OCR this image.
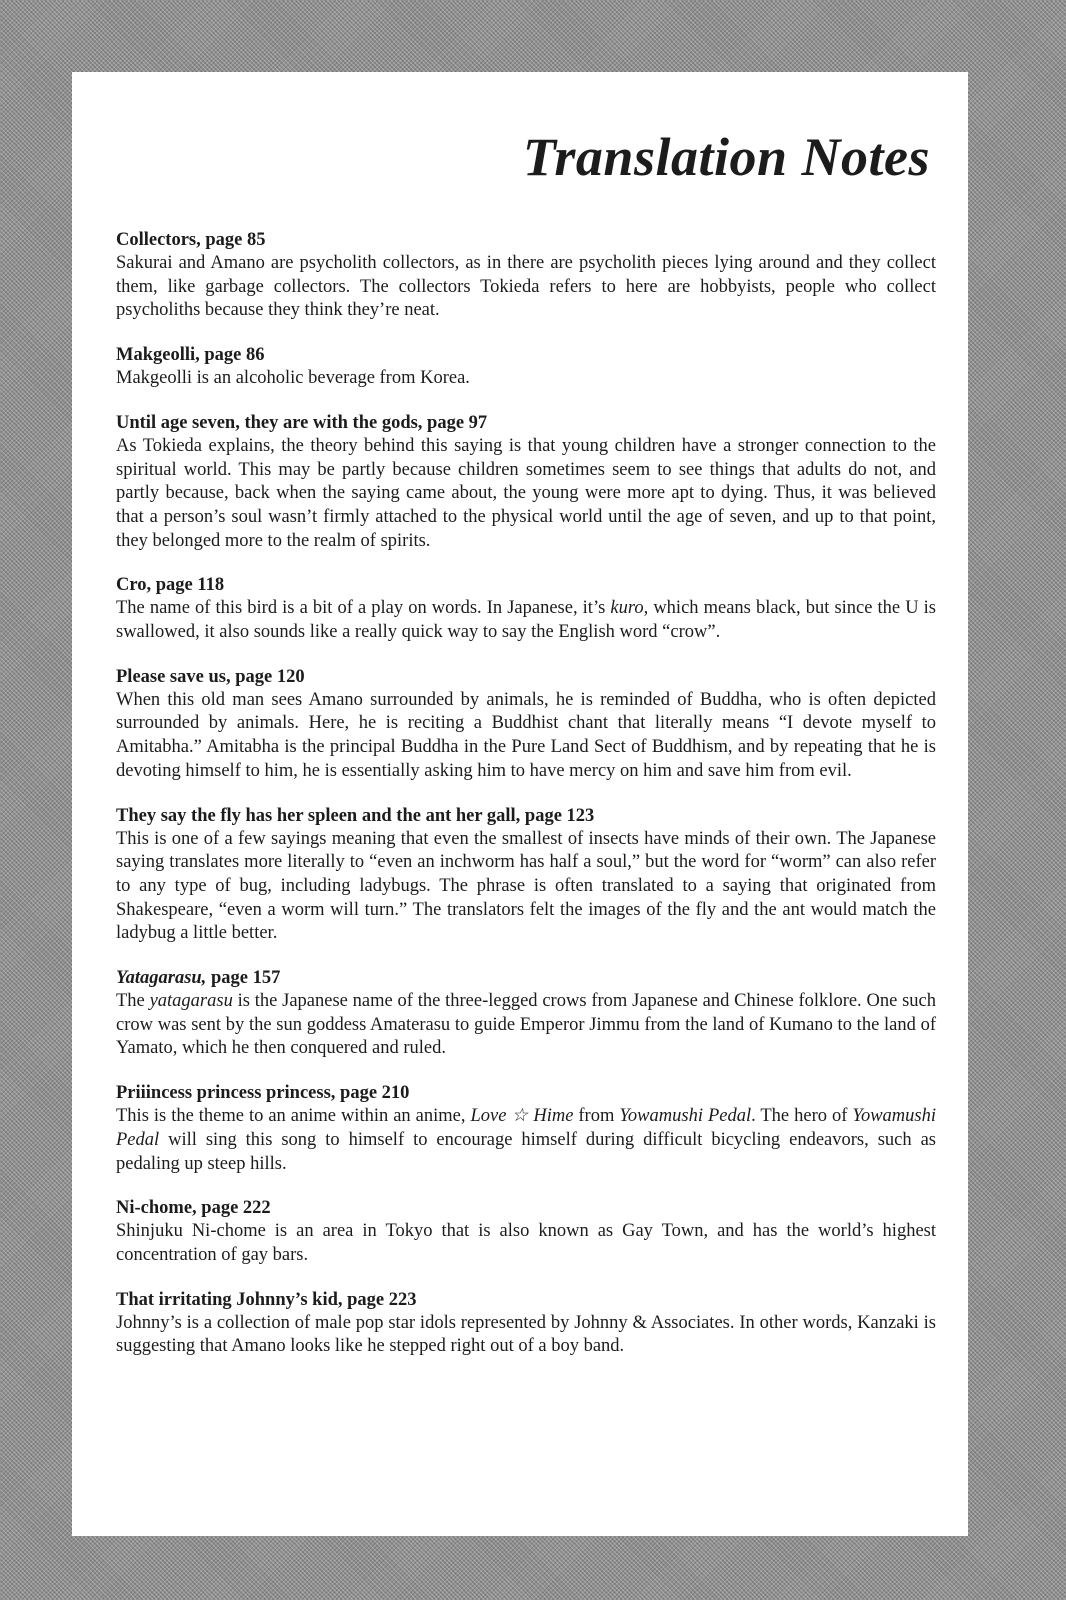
Translation Notes
Collectors, page 85
Sakurai and Amano are psycholith collectors, as in there are psycholith pieces lying around and they collect them, like garbage collectors. The collectors Tokieda refers to here are hobbyists, people who collect psycholiths because they think they’re neat.
Makgeolli, page 86
Makgeolli is an alcoholic beverage from Korea.
Until age seven, they are with the gods, page 97
As Tokieda explains, the theory behind this saying is that young children have a stronger connection to the spiritual world. This may be partly because children sometimes seem to see things that adults do not, and partly because, back when the saying came about, the young were more apt to dying. Thus, it was believed that a person’s soul wasn’t firmly attached to the physical world until the age of seven, and up to that point, they belonged more to the realm of spirits.
Cro, page 118
The name of this bird is a bit of a play on words. In Japanese, it’s kuro, which means black, but since the U is swallowed, it also sounds like a really quick way to say the English word “crow”.
Please save us, page 120
When this old man sees Amano surrounded by animals, he is reminded of Buddha, who is often depicted surrounded by animals. Here, he is reciting a Buddhist chant that literally means “I devote myself to Amitabha.” Amitabha is the principal Buddha in the Pure Land Sect of Buddhism, and by repeating that he is devoting himself to him, he is essentially asking him to have mercy on him and save him from evil.
They say the fly has her spleen and the ant her gall, page 123
This is one of a few sayings meaning that even the smallest of insects have minds of their own. The Japanese saying translates more literally to “even an inchworm has half a soul,” but the word for “worm” can also refer to any type of bug, including ladybugs. The phrase is often translated to a saying that originated from Shakespeare, “even a worm will turn.” The translators felt the images of the fly and the ant would match the ladybug a little better.
Yatagarasu, page 157
The yatagarasu is the Japanese name of the three-legged crows from Japanese and Chinese folklore. One such crow was sent by the sun goddess Amaterasu to guide Emperor Jimmu from the land of Kumano to the land of Yamato, which he then conquered and ruled.
Priiincess princess princess, page 210
This is the theme to an anime within an anime, Love ☆ Hime from Yowamushi Pedal. The hero of Yowamushi Pedal will sing this song to himself to encourage himself during difficult bicycling endeavors, such as pedaling up steep hills.
Ni-chome, page 222
Shinjuku Ni-chome is an area in Tokyo that is also known as Gay Town, and has the world’s highest concentration of gay bars.
That irritating Johnny’s kid, page 223
Johnny’s is a collection of male pop star idols represented by Johnny & Associates. In other words, Kanzaki is suggesting that Amano looks like he stepped right out of a boy band.
